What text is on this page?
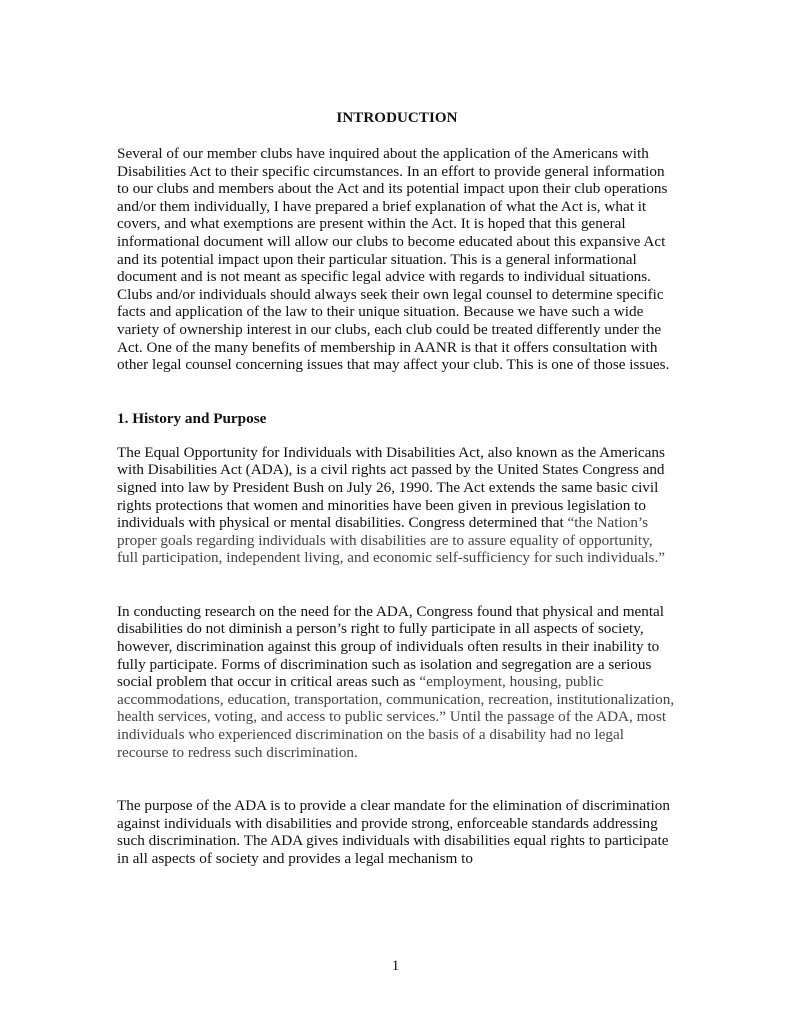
INTRODUCTION

Several of our member clubs have inquired about the application of the Americans with Disabilities Act to their specific circumstances. In an effort to provide general information to our clubs and members about the Act and its potential impact upon their club operations and/or them individually, I have prepared a brief explanation of what the Act is, what it covers, and what exemptions are present within the Act. It is hoped that this general informational document will allow our clubs to become educated about this expansive Act and its potential impact upon their particular situation. This is a general informational document and is not meant as specific legal advice with regards to individual situations. Clubs and/or individuals should always seek their own legal counsel to determine specific facts and application of the law to their unique situation. Because we have such a wide variety of ownership interest in our clubs, each club could be treated differently under the Act. One of the many benefits of membership in AANR is that it offers consultation with other legal counsel concerning issues that may affect your club. This is one of those issues.

1. History and Purpose

The Equal Opportunity for Individuals with Disabilities Act, also known as the Americans with Disabilities Act (ADA), is a civil rights act passed by the United States Congress and signed into law by President Bush on July 26, 1990. The Act extends the same basic civil rights protections that women and minorities have been given in previous legislation to individuals with physical or mental disabilities. Congress determined that “the Nation’s proper goals regarding individuals with disabilities are to assure equality of opportunity, full participation, independent living, and economic self-sufficiency for such individuals.”

In conducting research on the need for the ADA, Congress found that physical and mental disabilities do not diminish a person’s right to fully participate in all aspects of society, however, discrimination against this group of individuals often results in their inability to fully participate. Forms of discrimination such as isolation and segregation are a serious social problem that occur in critical areas such as “employment, housing, public accommodations, education, transportation, communication, recreation, institutionalization, health services, voting, and access to public services.” Until the passage of the ADA, most individuals who experienced discrimination on the basis of a disability had no legal recourse to redress such discrimination.

The purpose of the ADA is to provide a clear mandate for the elimination of discrimination against individuals with disabilities and provide strong, enforceable standards addressing such discrimination. The ADA gives individuals with disabilities equal rights to participate in all aspects of society and provides a legal mechanism to

1
